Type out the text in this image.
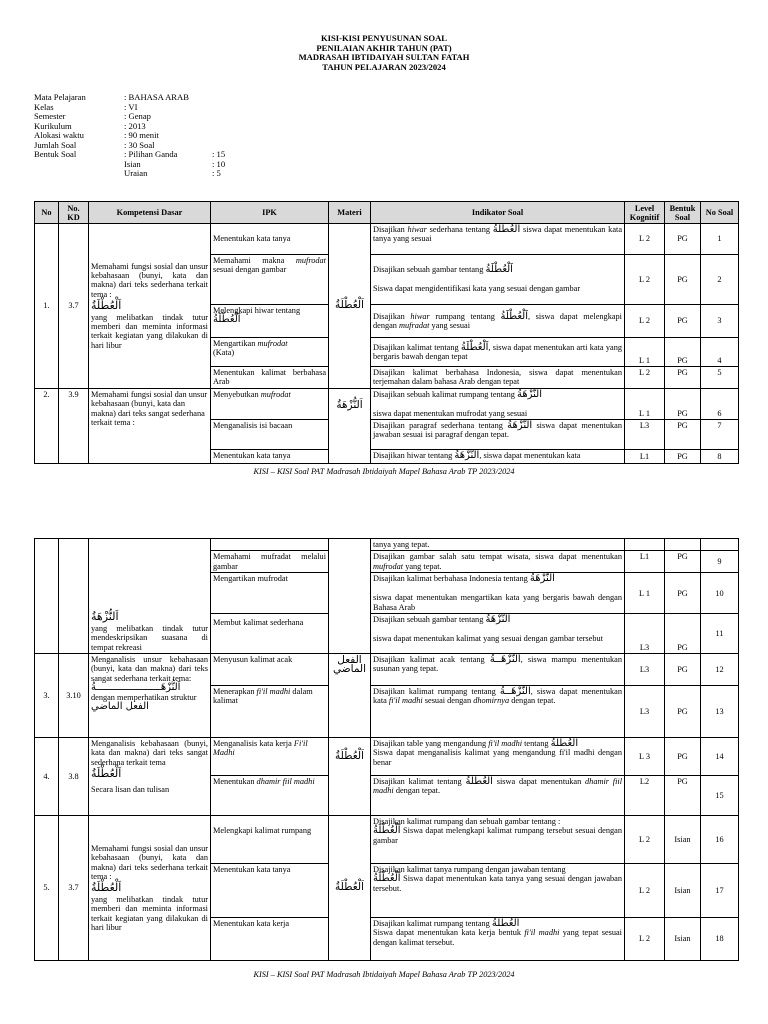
KISI-KISI PENYUSUNAN SOAL
PENILAIAN AKHIR TAHUN (PAT)
MADRASAH IBTIDAIYAH SULTAN FATAH
TAHUN PELAJARAN 2023/2024
Mata Pelajaran	: BAHASA ARAB
Kelas	: VI
Semester	: Genap
Kurikulum	: 2013
Alokasi waktu	: 90 menit
Jumlah Soal	: 30 Soal
Bentuk Soal	: Pilihan Ganda	: 15
Isian	: 10
Uraian	: 5
No	No. KD	Kompetensi Dasar	IPK	Materi	Indikator Soal	Level Kognitif	Bentuk Soal	No Soal
1.	3.7	Memahami fungsi sosial dan unsur kebahasaan (bunyi, kata dan makna) dari teks sederhana terkait tema :
اَلْعُطْلَةُ
yang melibatkan tindak tutur memberi dan meminta informasi terkait kegiatan yang dilakukan di hari libur	Menentukan kata tanya	اَلْعُطْلَةُ	Disajikan hiwar sederhana tentang اَلْعُطْلَةُ siswa dapat menentukan kata tanya yang sesuai	L 2	PG	1
			Memahami makna mufrodat sesuai dengan gambar		Disajikan sebuah gambar tentang اَلْعُطْلَةُ

Siswa dapat mengidentifikasi kata yang sesuai dengan gambar	L 2	PG	2
			Melengkapi hiwar tentang
اَلْعُطْلَةُ		Disajikan hiwar rumpang tentang اَلْعُطْلَةُ, siswa dapat melengkapi dengan mufradat yang sesuai	L 2	PG	3
			Mengartikan mufrodat
(Kata)		Disajikan kalimat tentang اَلْعُطْلَةُ, siswa dapat menentukan arti kata yang bergaris bawah dengan tepat	L 1	PG	4
			Menentukan kalimat berbahasa Arab		Disajikan kalimat berbahasa Indonesia, siswa dapat menentukan terjemahan dalam bahasa Arab dengan tepat	L 2	PG	5
2.	3.9	Memahami fungsi sosial dan unsur kebahasaan (bunyi, kata dan makna) dari teks sangat sederhana terkait tema :	Menyebutkan mufrodat	اَلنُّزْهَةُ	Disajikan sebuah kalimat rumpang tentang اَلنُّزْهَةُ

siswa dapat menentukan mufrodat yang sesuai	L 1	PG	6
			Menganalisis isi bacaan		Disajikan paragraf sederhana tentang اَلنُّزْهَةُ siswa dapat menentukan jawaban sesuai isi paragraf dengan tepat.	L3	PG	7
			Menentukan kata tanya		Disajikan hiwar tentang اَلنُّزْهَةُ, siswa dapat menentukan kata	L1	PG	8
KISI – KISI Soal PAT Madrasah Ibtidaiyah Mapel Bahasa Arab TP 2023/2024

		اَلنُّزْهَةُ
yang melibatkan tindak tutur mendeskripsikan suasana di tempat rekreasi			tanya yang tepat.			
			Memahami mufradat melalui gambar		Disajikan gambar salah satu tempat wisata, siswa dapat menentukan mufrodat yang tepat.	L1	PG	9
			Mengartikan mufrodat		Disajikan kalimat berbahasa Indonesia tentang اَلنُّزْهَةُ

siswa dapat menentukan mengartikan kata yang bergaris bawah dengan Bahasa Arab	L 1	PG	10
			Membut kalimat sederhana		Disajikan sebuah gambar tentang اَلنُّزْهَةُ

siswa dapat menentukan kalimat yang sesuai dengan gambar tersebut	L3	PG	11
3.	3.10	Menganalisis unsur kebahasaan (bunyi, kata dan makna) dari teks sangat sederhana terkait tema:
اَلنُّزْهَــــــــــــــــــــــةُ
dengan memperhatikan struktur
الفعل الماضي	Menyusun kalimat acak	الفعل الماضي	Disajikan kalimat acak tentang اَلنُّزْهَــةُ, siswa mampu menentukan susunan yang tepat.	L3	PG	12
			Menerapkan fi'il madhi dalam kalimat		Disajikan kalimat rumpang tentang اَلنُّزْهَــةُ, siswa dapat menentukan kata fi'il madhi sesuai dengan dhomirnya dengan tepat.	L3	PG	13
4.	3.8	Menganalisis kebahasaan (bunyi, kata dan makna) dari teks sangat sederhana terkait tema
اَلْعُطْلَةُ
Secara lisan dan tulisan	Menganalisis kata kerja Fi'il Madhi	اَلْعُطْلَةُ	Disajikan table yang mengandung fi'il madhi tentang اَلْعُطْلَةُ
Siswa dapat menganalisis kalimat yang mengandung fi'il madhi dengan benar	L 3	PG	14
			Menentukan dhamir fiil madhi		Disajikan kalimat tentang اَلْعُطْلَةُ siswa dapat menentukan dhamir fiil madhi dengan tepat.	L2	PG	15
5.	3.7	Memahami fungsi sosial dan unsur kebahasaan (bunyi, kata dan makna) dari teks sederhana terkait tema :
اَلْعُطْلَةُ
yang melibatkan tindak tutur memberi dan meminta informasi terkait kegiatan yang dilakukan di hari libur	Melengkapi kalimat rumpang	اَلْعُطْلَةُ	Disajikan kalimat rumpang dan sebuah gambar tentang :
اَلْعُطْلَةُ Siswa dapat melengkapi kalimat rumpang tersebut sesuai dengan gambar	L 2	Isian	16
			Menentukan kata tanya		Disajikan kalimat tanya rumpang dengan jawaban tentang
اَلْعُطْلَةُ Siswa dapat menentukan kata tanya yang sesuai dengan jawaban tersebut.	L 2	Isian	17
			Menentukan kata kerja		Disajikan kalimat rumpang tentang اَلْعُطْلَةُ
Siswa dapat menentukan kata kerja bentuk fi'il madhi yang tepat sesuai dengan kalimat tersebut.	L 2	Isian	18
KISI – KISI Soal PAT Madrasah Ibtidaiyah Mapel Bahasa Arab TP 2023/2024
